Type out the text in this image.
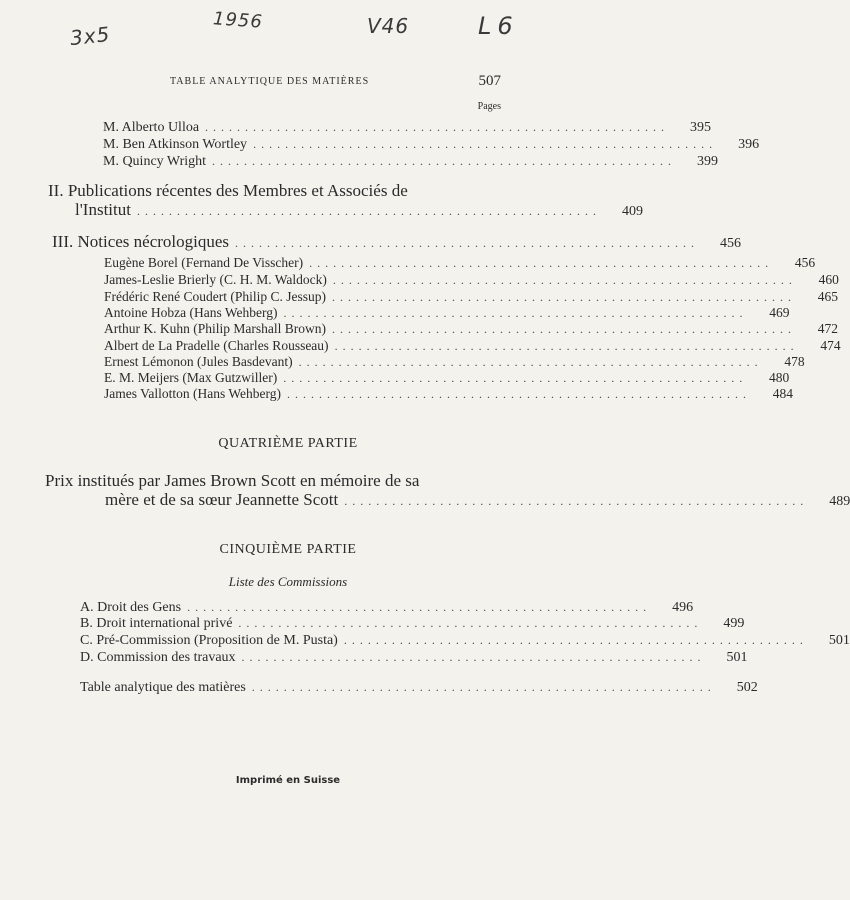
3x5
1956	V46	L6
TABLE ANALYTIQUE DES MATIÈRES	507
Pages
M. Alberto Ulloa ..........................................................	395
M. Ben Atkinson Wortley ..........................................................	396
M. Quincy Wright ..........................................................	399
II. Publications récentes des Membres et Associés de
l'Institut ..........................................................	409
III. Notices nécrologiques ..........................................................	456
Eugène Borel (Fernand De Visscher) ..........................................................	456
James-Leslie Brierly (C. H. M. Waldock) ..........................................................	460
Frédéric René Coudert (Philip C. Jessup) ..........................................................	465
Antoine Hobza (Hans Wehberg) ..........................................................	469
Arthur K. Kuhn (Philip Marshall Brown) ..........................................................	472
Albert de La Pradelle (Charles Rousseau) ..........................................................	474
Ernest Lémonon (Jules Basdevant) ..........................................................	478
E. M. Meijers (Max Gutzwiller) ..........................................................	480
James Vallotton (Hans Wehberg) ..........................................................	484
QUATRIÈME PARTIE
Prix institués par James Brown Scott en mémoire de sa
mère et de sa sœur Jeannette Scott ..........................................................	489
CINQUIÈME PARTIE
Liste des Commissions
A. Droit des Gens ..........................................................	496
B. Droit international privé ..........................................................	499
C. Pré-Commission (Proposition de M. Pusta) ..........................................................	501
D. Commission des travaux ..........................................................	501
Table analytique des matières ..........................................................	502
Imprimé en Suisse
